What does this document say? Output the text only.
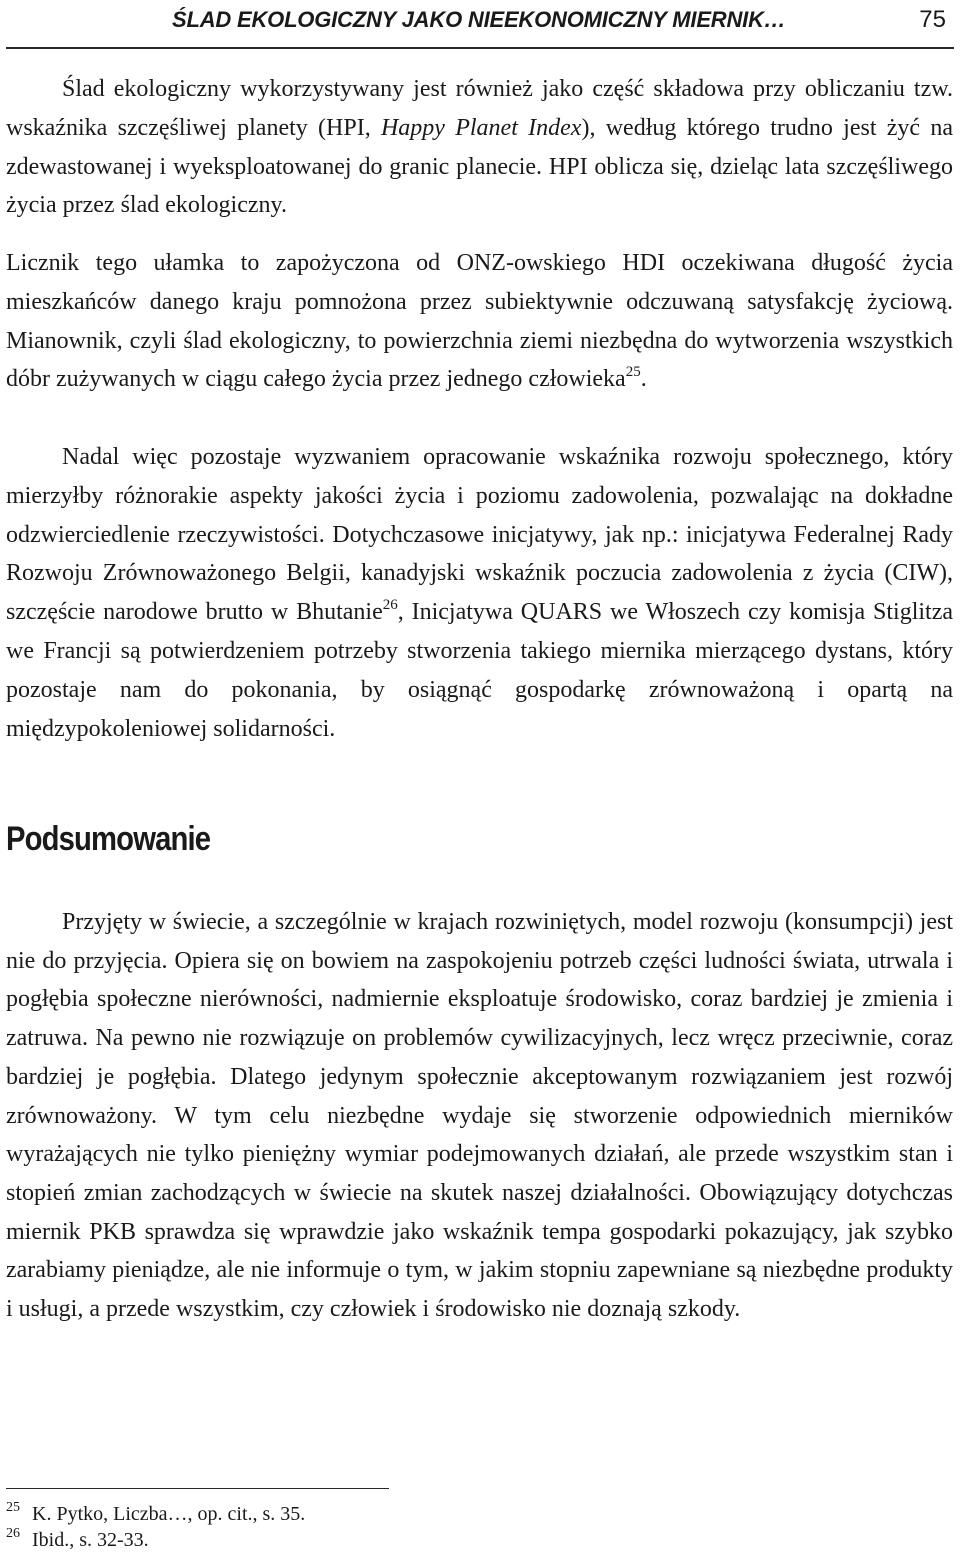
ŚLAD EKOLOGICZNY JAKO NIEEKONOMICZNY MIERNIK…	75

Ślad ekologiczny wykorzystywany jest również jako część składowa przy obliczaniu tzw. wskaźnika szczęśliwej planety (HPI, Happy Planet Index), według którego trudno jest żyć na zdewastowanej i wyeksploatowanej do granic planecie. HPI oblicza się, dzieląc lata szczęśliwego życia przez ślad ekologiczny.

Licznik tego ułamka to zapożyczona od ONZ-owskiego HDI oczekiwana długość życia mieszkańców danego kraju pomnożona przez subiektywnie odczuwaną satysfakcję życiową. Mianownik, czyli ślad ekologiczny, to powierzchnia ziemi niezbędna do wytworzenia wszystkich dóbr zużywanych w ciągu całego życia przez jednego człowieka$^{25}$.

Nadal więc pozostaje wyzwaniem opracowanie wskaźnika rozwoju społecznego, który mierzyłby różnorakie aspekty jakości życia i poziomu zadowolenia, pozwalając na dokładne odzwierciedlenie rzeczywistości. Dotychczasowe inicjatywy, jak np.: inicjatywa Federalnej Rady Rozwoju Zrównoważonego Belgii, kanadyjski wskaźnik poczucia zadowolenia z życia (CIW), szczęście narodowe brutto w Bhutanie$^{26}$, Inicjatywa QUARS we Włoszech czy komisja Stiglitza we Francji są potwierdzeniem potrzeby stworzenia takiego miernika mierzącego dystans, który pozostaje nam do pokonania, by osiągnąć gospodarkę zrównoważoną i opartą na międzypokoleniowej solidarności.

Podsumowanie

Przyjęty w świecie, a szczególnie w krajach rozwiniętych, model rozwoju (konsumpcji) jest nie do przyjęcia. Opiera się on bowiem na zaspokojeniu potrzeb części ludności świata, utrwala i pogłębia społeczne nierówności, nadmiernie eksploatuje środowisko, coraz bardziej je zmienia i zatruwa. Na pewno nie rozwiązuje on problemów cywilizacyjnych, lecz wręcz przeciwnie, coraz bardziej je pogłębia. Dlatego jedynym społecznie akceptowanym rozwiązaniem jest rozwój zrównoważony. W tym celu niezbędne wydaje się stworzenie odpowiednich mierników wyrażających nie tylko pieniężny wymiar podejmowanych działań, ale przede wszystkim stan i stopień zmian zachodzących w świecie na skutek naszej działalności. Obowiązujący dotychczas miernik PKB sprawdza się wprawdzie jako wskaźnik tempa gospodarki pokazujący, jak szybko zarabiamy pieniądze, ale nie informuje o tym, w jakim stopniu zapewniane są niezbędne produkty i usługi, a przede wszystkim, czy człowiek i środowisko nie doznają szkody.

25 K. Pytko, Liczba…, op. cit., s. 35.
26 Ibid., s. 32-33.
